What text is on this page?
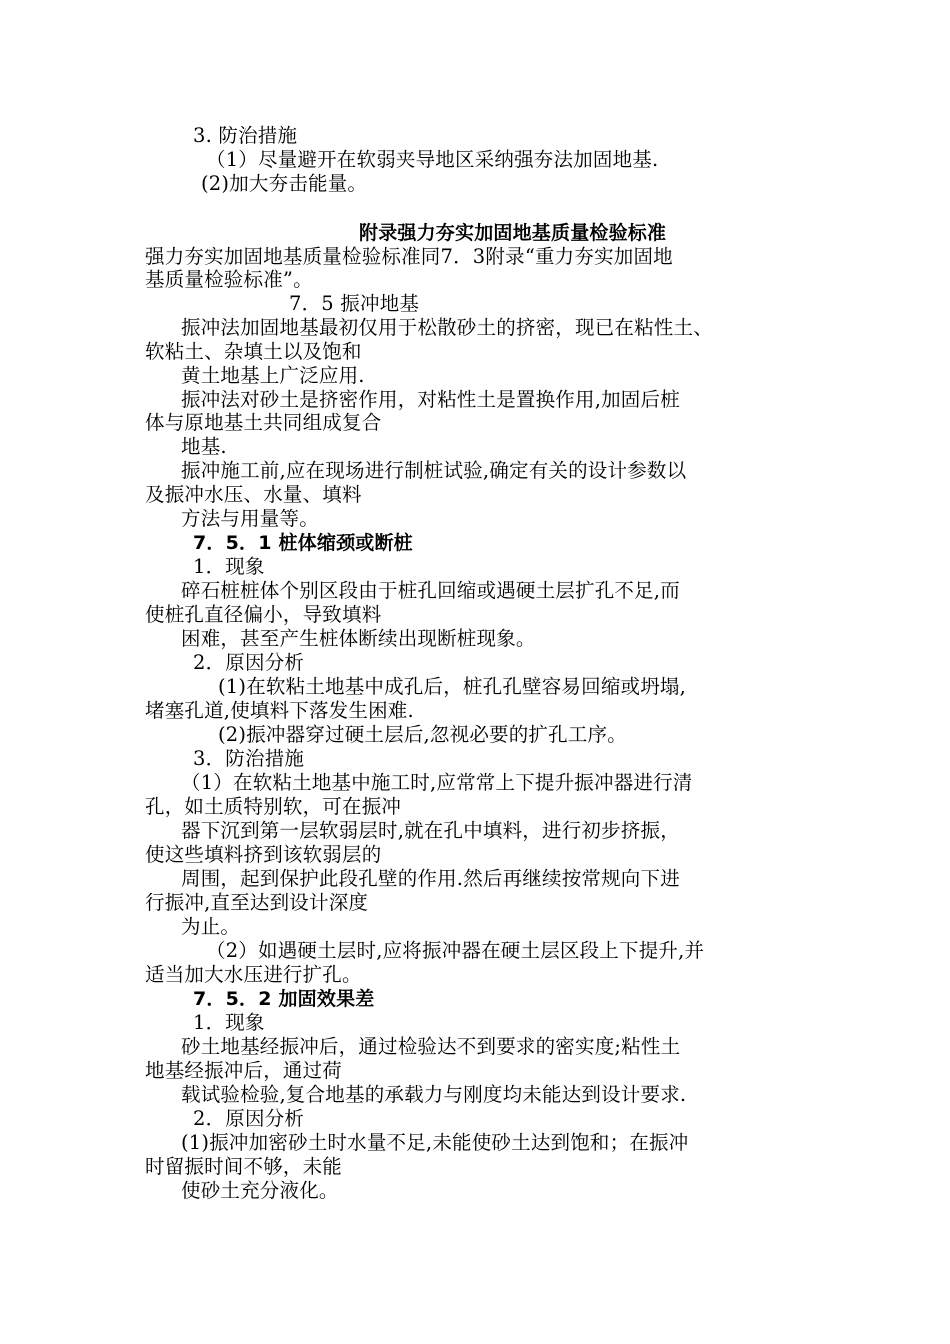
3. 防治措施
（1）尽量避开在软弱夹导地区采纳强夯法加固地基.
(2)加大夯击能量。
附录强力夯实加固地基质量检验标准
强力夯实加固地基质量检验标准同7．3附录“重力夯实加固地
基质量检验标准”。
7．5 振冲地基
振冲法加固地基最初仅用于松散砂土的挤密，现已在粘性土、
软粘土、杂填土以及饱和
黄土地基上广泛应用.
振冲法对砂土是挤密作用，对粘性土是置换作用,加固后桩
体与原地基土共同组成复合
地基.
振冲施工前,应在现场进行制桩试验,确定有关的设计参数以
及振冲水压、水量、填料
方法与用量等。
7．5．1 桩体缩颈或断桩
1．现象
碎石桩桩体个别区段由于桩孔回缩或遇硬土层扩孔不足,而
使桩孔直径偏小，导致填料
困难，甚至产生桩体断续出现断桩现象。
2．原因分析
(1)在软粘土地基中成孔后，桩孔孔壁容易回缩或坍塌,
堵塞孔道,使填料下落发生困难.
(2)振冲器穿过硬土层后,忽视必要的扩孔工序。
3．防治措施
（1）在软粘土地基中施工时,应常常上下提升振冲器进行清
孔，如土质特别软，可在振冲
器下沉到第一层软弱层时,就在孔中填料，进行初步挤振，
使这些填料挤到该软弱层的
周围，起到保护此段孔壁的作用.然后再继续按常规向下进
行振冲,直至达到设计深度
为止。
（2）如遇硬土层时,应将振冲器在硬土层区段上下提升,并
适当加大水压进行扩孔。
7．5．2 加固效果差
1．现象
砂土地基经振冲后，通过检验达不到要求的密实度;粘性土
地基经振冲后，通过荷
载试验检验,复合地基的承载力与刚度均未能达到设计要求.
2．原因分析
(1)振冲加密砂土时水量不足,未能使砂土达到饱和；在振冲
时留振时间不够，未能
使砂土充分液化。
